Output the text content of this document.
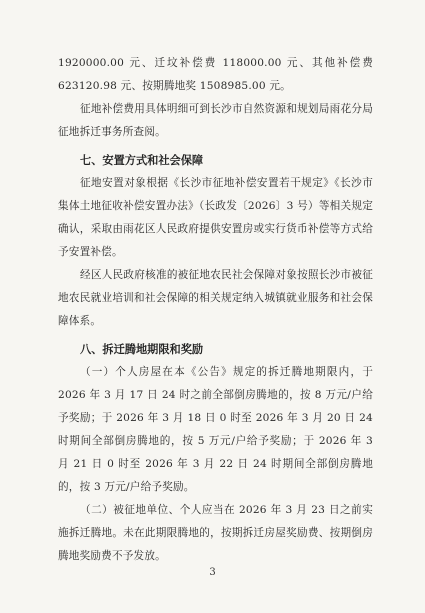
1920000.00 元、迁坟补偿费 118000.00 元、其他补偿费 623120.98 元、按期腾地奖 1508985.00 元。

征地补偿费用具体明细可到长沙市自然资源和规划局雨花分局征地拆迁事务所查阅。

七、安置方式和社会保障

征地安置对象根据《长沙市征地补偿安置若干规定》《长沙市集体土地征收补偿安置办法》（长政发〔2026〕3 号）等相关规定确认，采取由雨花区人民政府提供安置房或实行货币补偿等方式给予安置补偿。

经区人民政府核准的被征地农民社会保障对象按照长沙市被征地农民就业培训和社会保障的相关规定纳入城镇就业服务和社会保障体系。

八、拆迁腾地期限和奖励

（一）个人房屋在本《公告》规定的拆迁腾地期限内，于 2026 年 3 月 17 日 24 时之前全部倒房腾地的，按 8 万元/户给予奖励；于 2026 年 3 月 18 日 0 时至 2026 年 3 月 20 日 24 时期间全部倒房腾地的，按 5 万元/户给予奖励；于 2026 年 3 月 21 日 0 时至 2026 年 3 月 22 日 24 时期间全部倒房腾地的，按 3 万元/户给予奖励。

（二）被征地单位、个人应当在 2026 年 3 月 23 日之前实施拆迁腾地。未在此期限腾地的，按期拆迁房屋奖励费、按期倒房腾地奖励费不予发放。

3
